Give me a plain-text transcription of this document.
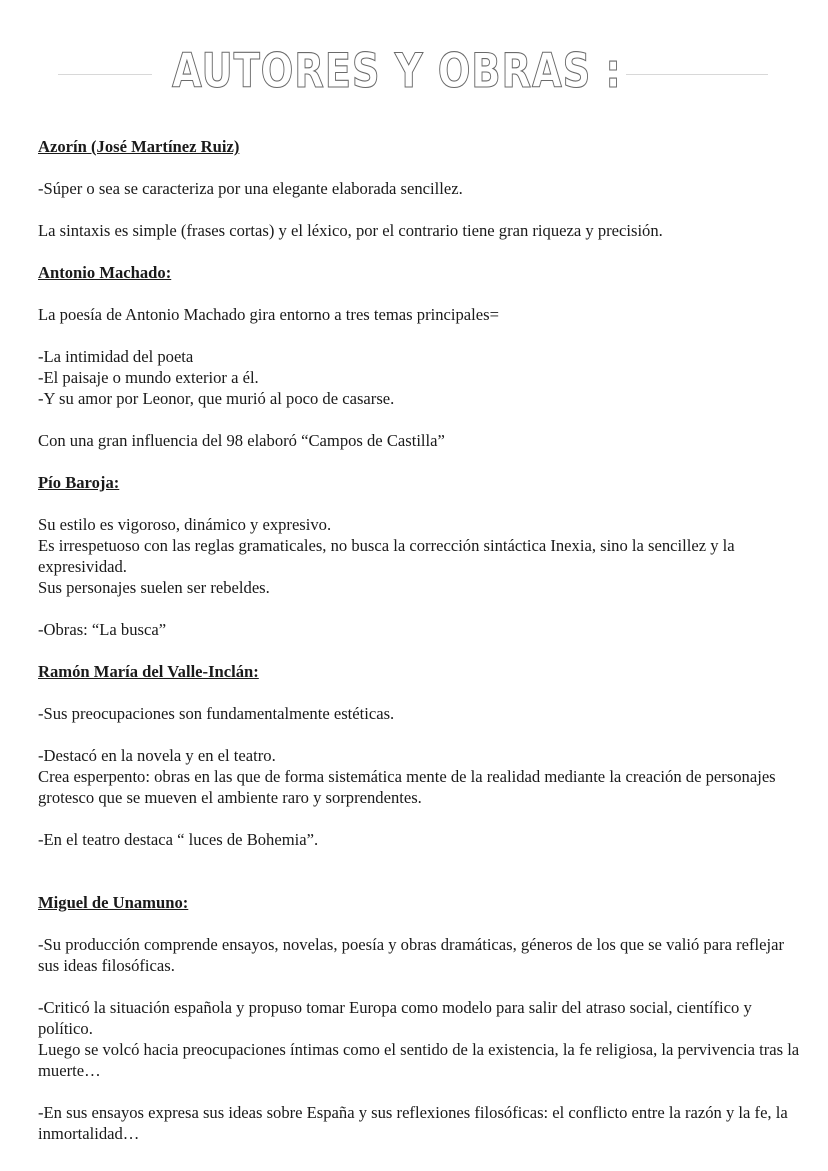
AUTORES Y OBRAS :
Azorín (José Martínez Ruiz)

-Súper o sea se caracteriza por una elegante elaborada sencillez.

La sintaxis es simple (frases cortas) y el léxico, por el contrario tiene gran riqueza y precisión.

Antonio Machado:

La poesía de Antonio Machado gira entorno a tres temas principales=

-La intimidad del poeta
-El paisaje o mundo exterior a él.
-Y su amor por Leonor, que murió al poco de casarse.

Con una gran influencia del 98 elaboró “Campos de Castilla”

Pío Baroja:

Su estilo es vigoroso, dinámico y expresivo.
Es irrespetuoso con las reglas gramaticales, no busca la corrección sintáctica Inexia, sino la sencillez y la expresividad.
Sus personajes suelen ser rebeldes.

-Obras: “La busca”

Ramón María del Valle-Inclán:

-Sus preocupaciones son fundamentalmente estéticas.

-Destacó en la novela y en el teatro.
Crea esperpento: obras en las que de forma sistemática mente de la realidad mediante la creación de personajes grotesco que se mueven el ambiente raro y sorprendentes.

-En el teatro destaca “ luces de Bohemia”.

Miguel de Unamuno:

-Su producción comprende ensayos, novelas, poesía y obras dramáticas, géneros de los que se valió para reflejar sus ideas filosóficas.

-Criticó la situación española y propuso tomar Europa como modelo para salir del atraso social, científico y político.
Luego se volcó hacia preocupaciones íntimas como el sentido de la existencia, la fe religiosa, la pervivencia tras la muerte…

-En sus ensayos expresa sus ideas sobre España y sus reflexiones filosóficas: el conflicto entre la razón y la fe, la inmortalidad…
